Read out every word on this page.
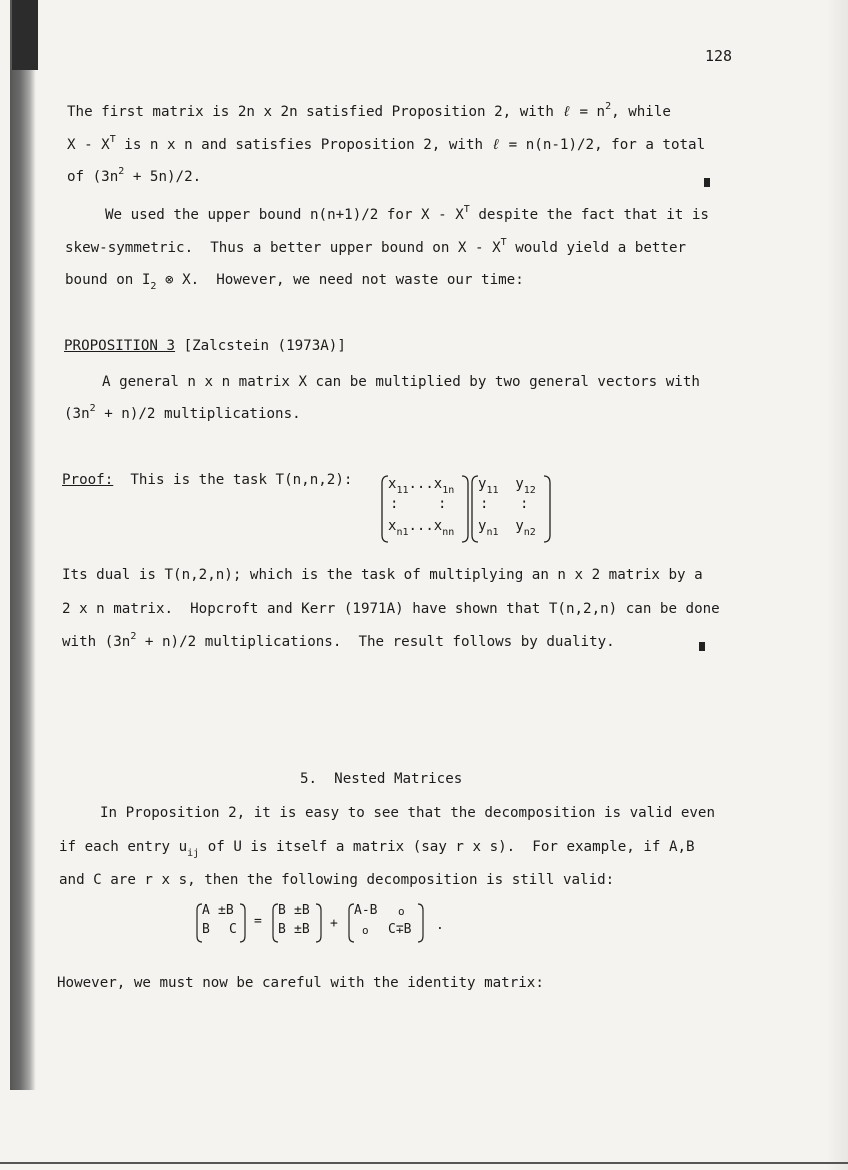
128
The first matrix is 2n x 2n satisfied Proposition 2, with ℓ = $n^2$, while
X - $X^T$ is n x n and satisfies Proposition 2, with ℓ = n(n-1)/2, for a total
of $(3n^2 + 5n)/2$.
We used the upper bound n(n+1)/2 for X - $X^T$ despite the fact that it is
skew-symmetric.  Thus a better upper bound on X - $X^T$ would yield a better
bound on $I_2$ ⊗ X.  However, we need not waste our time:
PROPOSITION 3 [Zalcstein (1973A)]
A general n x n matrix X can be multiplied by two general vectors with
$(3n^2 + n)/2$ multiplications.
Proof:  This is the task T(n,n,2):	$x_{11}...x_{1n}$
:	:
$x_{n1}...x_{nn}$
$y_{11}$ $y_{12}$
: :
$y_{n1}$ $y_{n2}$
Its dual is T(n,2,n); which is the task of multiplying an n x 2 matrix by a
2 x n matrix.  Hopcroft and Kerr (1971A) have shown that T(n,2,n) can be done
with $(3n^2 + n)/2$ multiplications.  The result follows by duality.
5.  Nested Matrices
In Proposition 2, it is easy to see that the decomposition is valid even
if each entry $u_{ij}$ of U is itself a matrix (say r x s).  For example, if A,B
and C are r x s, then the following decomposition is still valid:
A ±B
B C
=
B ±B
B ±B +
A-B o
o C∓B .
However, we must now be careful with the identity matrix:
